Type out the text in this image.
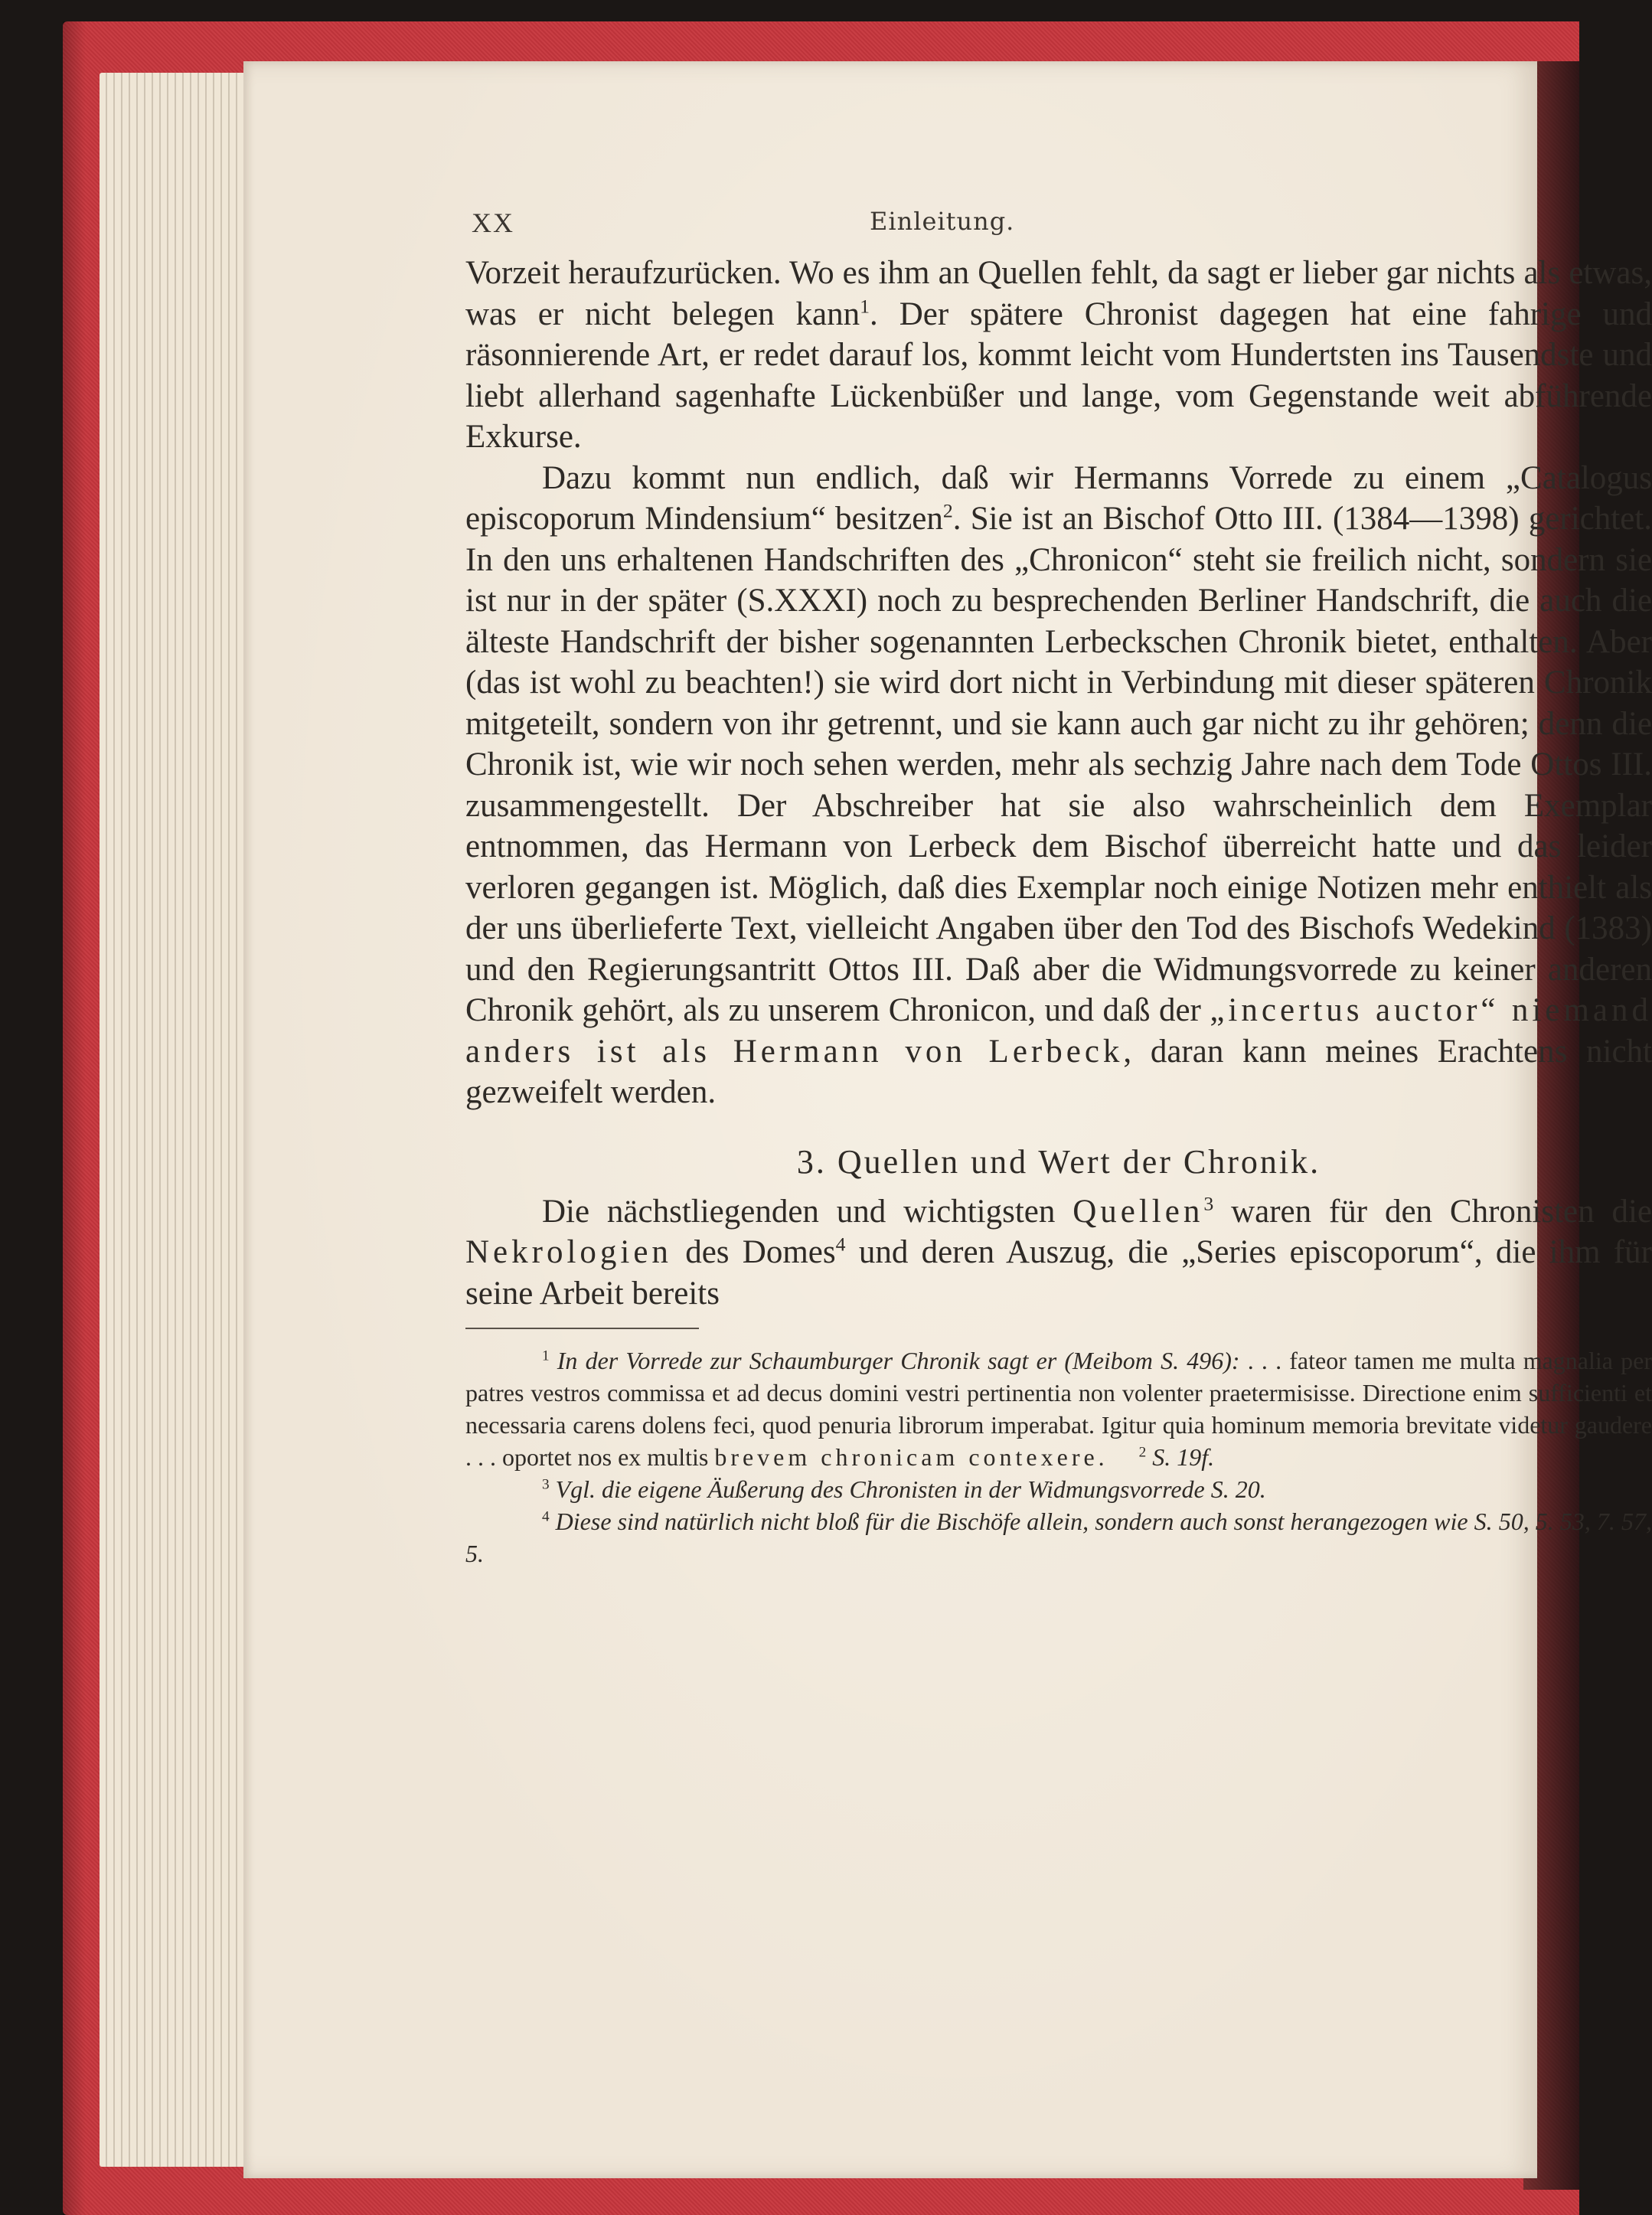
XX	Einleitung.

Vorzeit heraufzurücken. Wo es ihm an Quellen fehlt, da sagt er lieber gar nichts als etwas, was er nicht belegen kann$^1$. Der spätere Chronist dagegen hat eine fahrige und räsonnierende Art, er redet darauf los, kommt leicht vom Hundertsten ins Tausendste und liebt allerhand sagenhafte Lückenbüßer und lange, vom Gegenstande weit abführende Exkurse.

Dazu kommt nun endlich, daß wir Hermanns Vorrede zu einem „Catalogus episcoporum Mindensium“ besitzen$^2$. Sie ist an Bischof Otto III. (1384—1398) gerichtet. In den uns erhaltenen Handschriften des „Chronicon“ steht sie freilich nicht, sondern sie ist nur in der später (S.XXXI) noch zu besprechenden Berliner Handschrift, die auch die älteste Handschrift der bisher sogenannten Lerbeckschen Chronik bietet, enthalten. Aber (das ist wohl zu beachten!) sie wird dort nicht in Verbindung mit dieser späteren Chronik mitgeteilt, sondern von ihr getrennt, und sie kann auch gar nicht zu ihr gehören; denn die Chronik ist, wie wir noch sehen werden, mehr als sechzig Jahre nach dem Tode Ottos III. zusammengestellt. Der Abschreiber hat sie also wahrscheinlich dem Exemplar entnommen, das Hermann von Lerbeck dem Bischof überreicht hatte und das leider verloren gegangen ist. Möglich, daß dies Exemplar noch einige Notizen mehr enthielt als der uns überlieferte Text, vielleicht Angaben über den Tod des Bischofs Wedekind (1383) und den Regierungsantritt Ottos III. Daß aber die Widmungsvorrede zu keiner anderen Chronik gehört, als zu unserem Chronicon, und daß der „incertus auctor“ niemand anders ist als Hermann von Lerbeck, daran kann meines Erachtens nicht gezweifelt werden.

3. Quellen und Wert der Chronik.

Die nächstliegenden und wichtigsten Quellen$^3$ waren für den Chronisten die Nekrologien des Domes$^4$ und deren Auszug, die „Series episcoporum“, die ihm für seine Arbeit bereits

$^1$ In der Vorrede zur Schaumburger Chronik sagt er (Meibom S. 496): . . . fateor tamen me multa magnalia per patres vestros commissa et ad decus domini vestri pertinentia non volenter praetermisisse. Directione enim sufficienti et necessaria carens dolens feci, quod penuria librorum imperabat. Igitur quia hominum memoria brevitate videtur gaudere . . . oportet nos ex multis brevem chronicam contexere. $^2$ S. 19f.

$^3$ Vgl. die eigene Äußerung des Chronisten in der Widmungsvorrede S. 20.

$^4$ Diese sind natürlich nicht bloß für die Bischöfe allein, sondern auch sonst herangezogen wie S. 50, 5. 53, 7. 57, 5.
